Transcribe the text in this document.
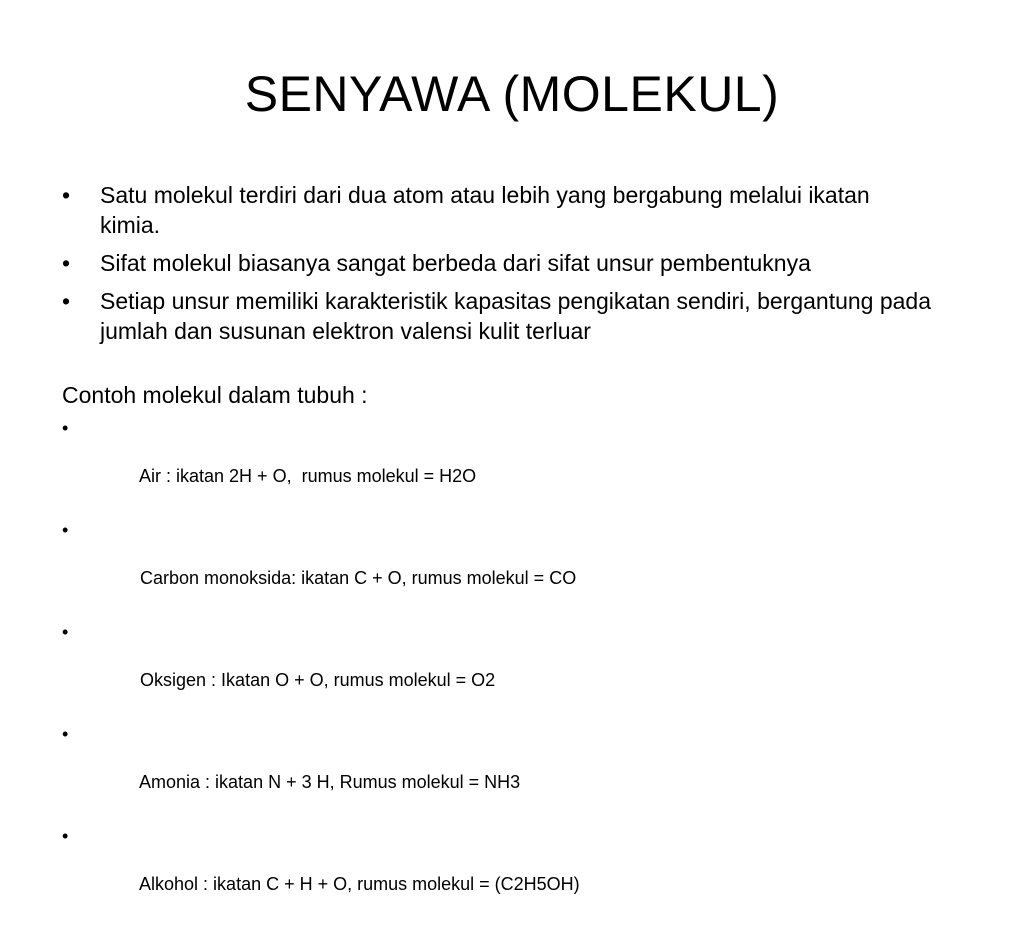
SENYAWA (MOLEKUL)
• Satu molekul terdiri dari dua atom atau lebih yang bergabung melalui ikatan kimia.
• Sifat molekul biasanya sangat berbeda dari sifat unsur pembentuknya
• Setiap unsur memiliki karakteristik kapasitas pengikatan sendiri, bergantung pada jumlah dan susunan elektron valensi kulit terluar
Contoh molekul dalam tubuh :

•

Air : ikatan 2H + O,  rumus molekul = H2O

•

Carbon monoksida: ikatan C + O, rumus molekul = CO

•

Oksigen : Ikatan O + O, rumus molekul = O2

•

Amonia : ikatan N + 3 H, Rumus molekul = NH3

•

Alkohol : ikatan C + H + O, rumus molekul = (C2H5OH)
